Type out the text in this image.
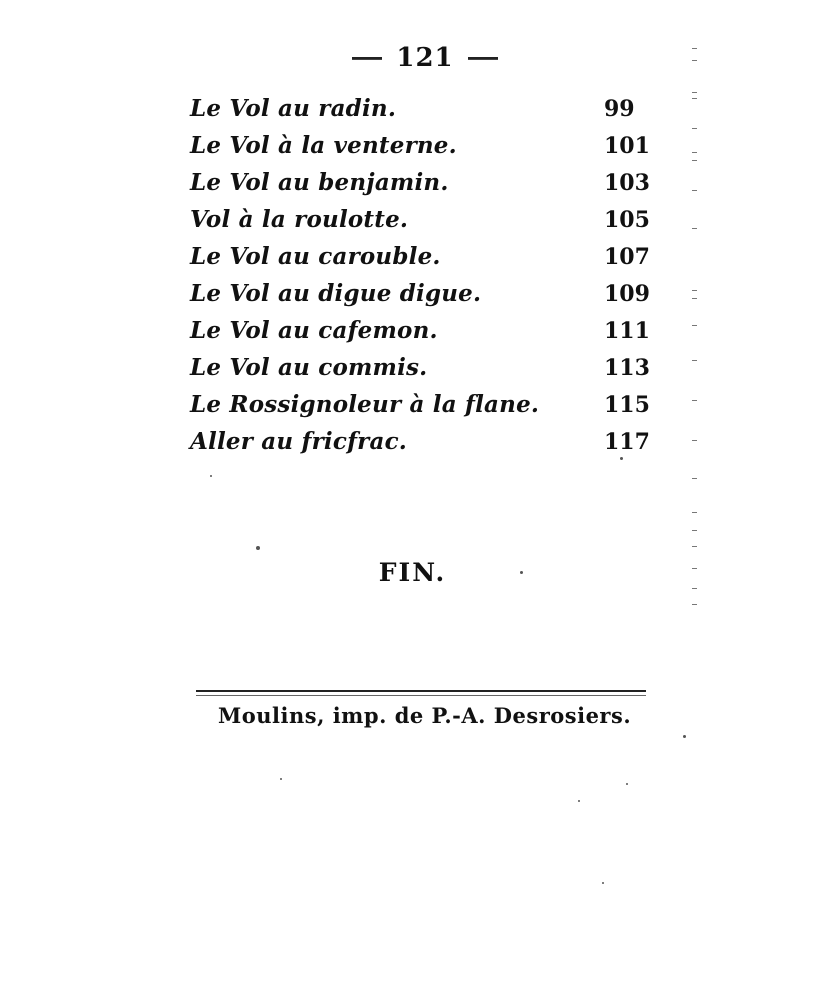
121
Le Vol au radin.	99
Le Vol à la venterne.	101
Le Vol au benjamin.	103
Vol à la roulotte.	105
Le Vol au carouble.	107
Le Vol au digue digue.	109
Le Vol au cafemon.	111
Le Vol au commis.	113
Le Rossignoleur à la flane.	115
Aller au fricfrac.	117
FIN.
Moulins, imp. de P.-A. Desrosiers.
